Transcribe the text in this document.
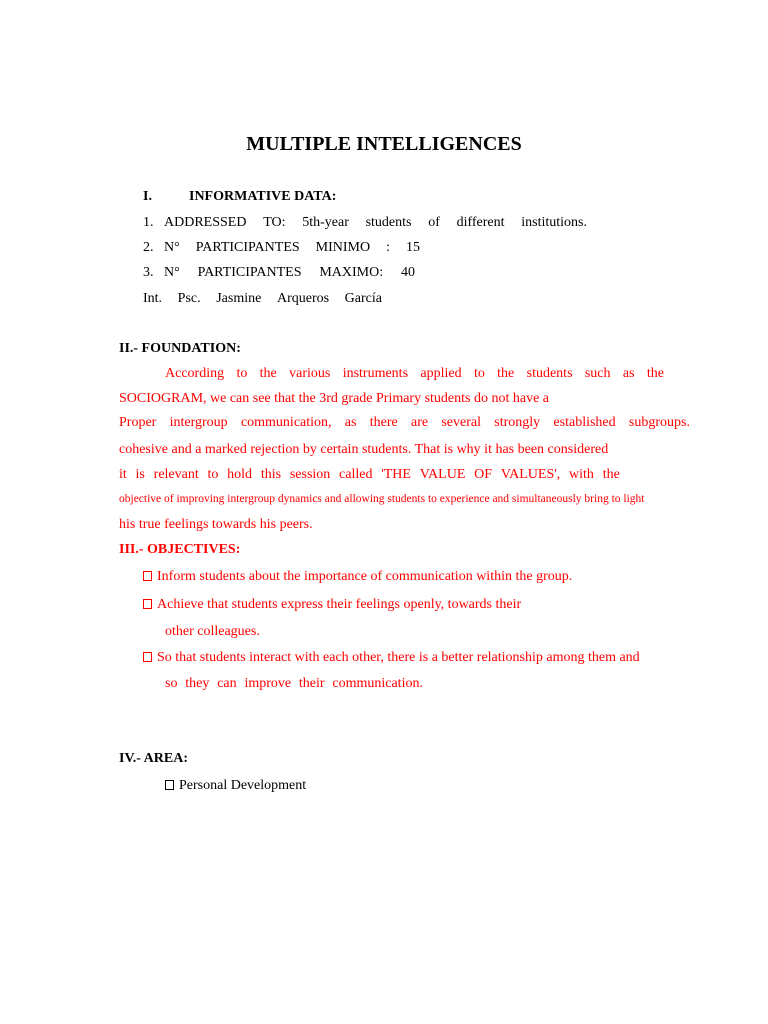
MULTIPLE INTELLIGENCES
I.	INFORMATIVE DATA:
1. ADDRESSED TO: 5th-year students of different institutions.
2. N° PARTICIPANTES MINIMO : 15
3. N° PARTICIPANTES MAXIMO: 40
Int. Psc. Jasmine Arqueros García
II.- FOUNDATION:
According to the various instruments applied to the students such as the
SOCIOGRAM, we can see that the 3rd grade Primary students do not have a
Proper intergroup communication, as there are several strongly established subgroups.
cohesive and a marked rejection by certain students. That is why it has been considered
it is relevant to hold this session called 'THE VALUE OF VALUES', with the
objective of improving intergroup dynamics and allowing students to experience and simultaneously bring to light
his true feelings towards his peers.
III.- OBJECTIVES:
Inform students about the importance of communication within the group.
Achieve that students express their feelings openly, towards their
other colleagues.
So that students interact with each other, there is a better relationship among them and
so they can improve their communication.
IV.- AREA:
Personal Development
